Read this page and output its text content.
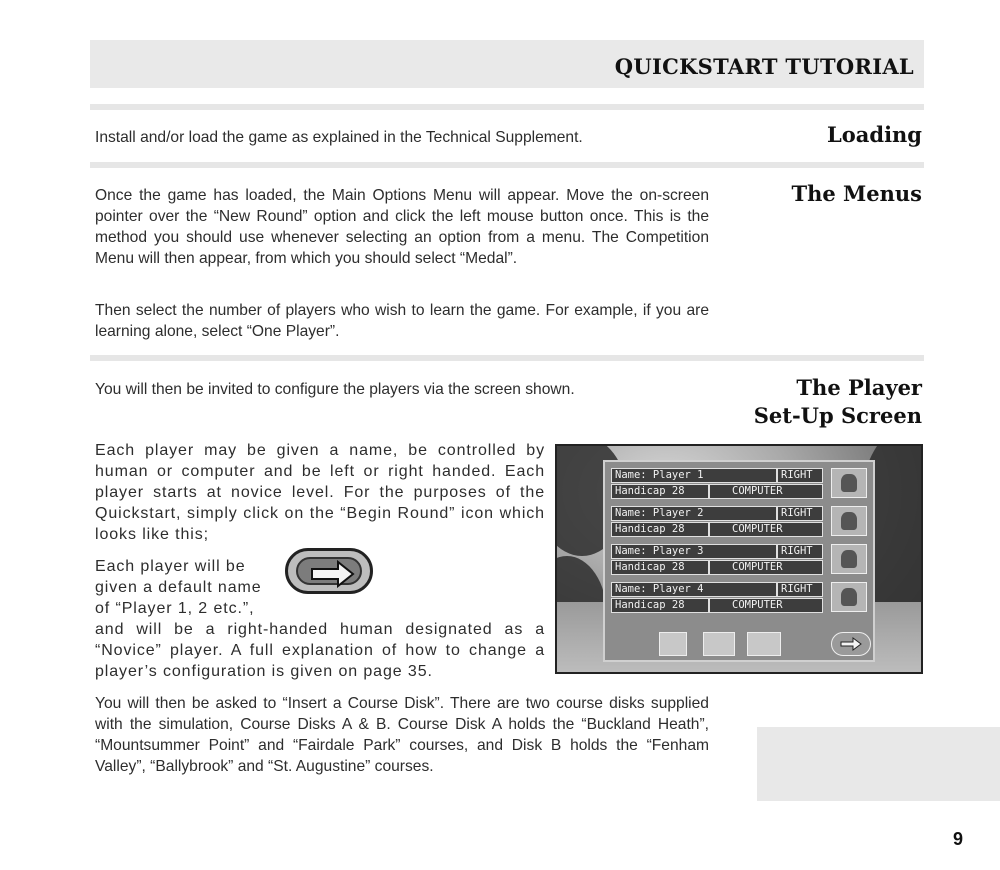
QUICKSTART TUTORIAL
Loading

Install and/or load the game as explained in the Technical Supplement.

The Menus

Once the game has loaded, the Main Options Menu will appear. Move the on-screen pointer over the “New Round” option and click the left mouse button once. This is the method you should use whenever selecting an option from a menu. The Competition Menu will then appear, from which you should select “Medal”.

Then select the number of players who wish to learn the game. For example, if you are learning alone, select “One Player”.

The Player
Set-Up Screen

You will then be invited to configure the players via the screen shown.

Each player may be given a name, be controlled by human or computer and be left or right handed. Each player starts at novice level. For the purposes of the Quickstart, simply click on the “Begin Round” icon which looks like this;

Each player will be
given a default name
of “Player 1, 2 etc.”,
and will be a right-handed human designated as a “Novice” player. A full explanation of how to change a player’s configuration is given on page 35.
Name: Player 1	RIGHT
Handicap 28	COMPUTER
Name: Player 2	RIGHT
Handicap 28	COMPUTER
Name: Player 3	RIGHT
Handicap 28	COMPUTER
Name: Player 4	RIGHT
Handicap 28	COMPUTER

You will then be asked to “Insert a Course Disk”. There are two course disks supplied with the simulation, Course Disks A & B. Course Disk A holds the “Buckland Heath”, “Mountsummer Point” and “Fairdale Park” courses, and Disk B holds the “Fenham Valley”, “Ballybrook” and “St. Augustine” courses.

9
